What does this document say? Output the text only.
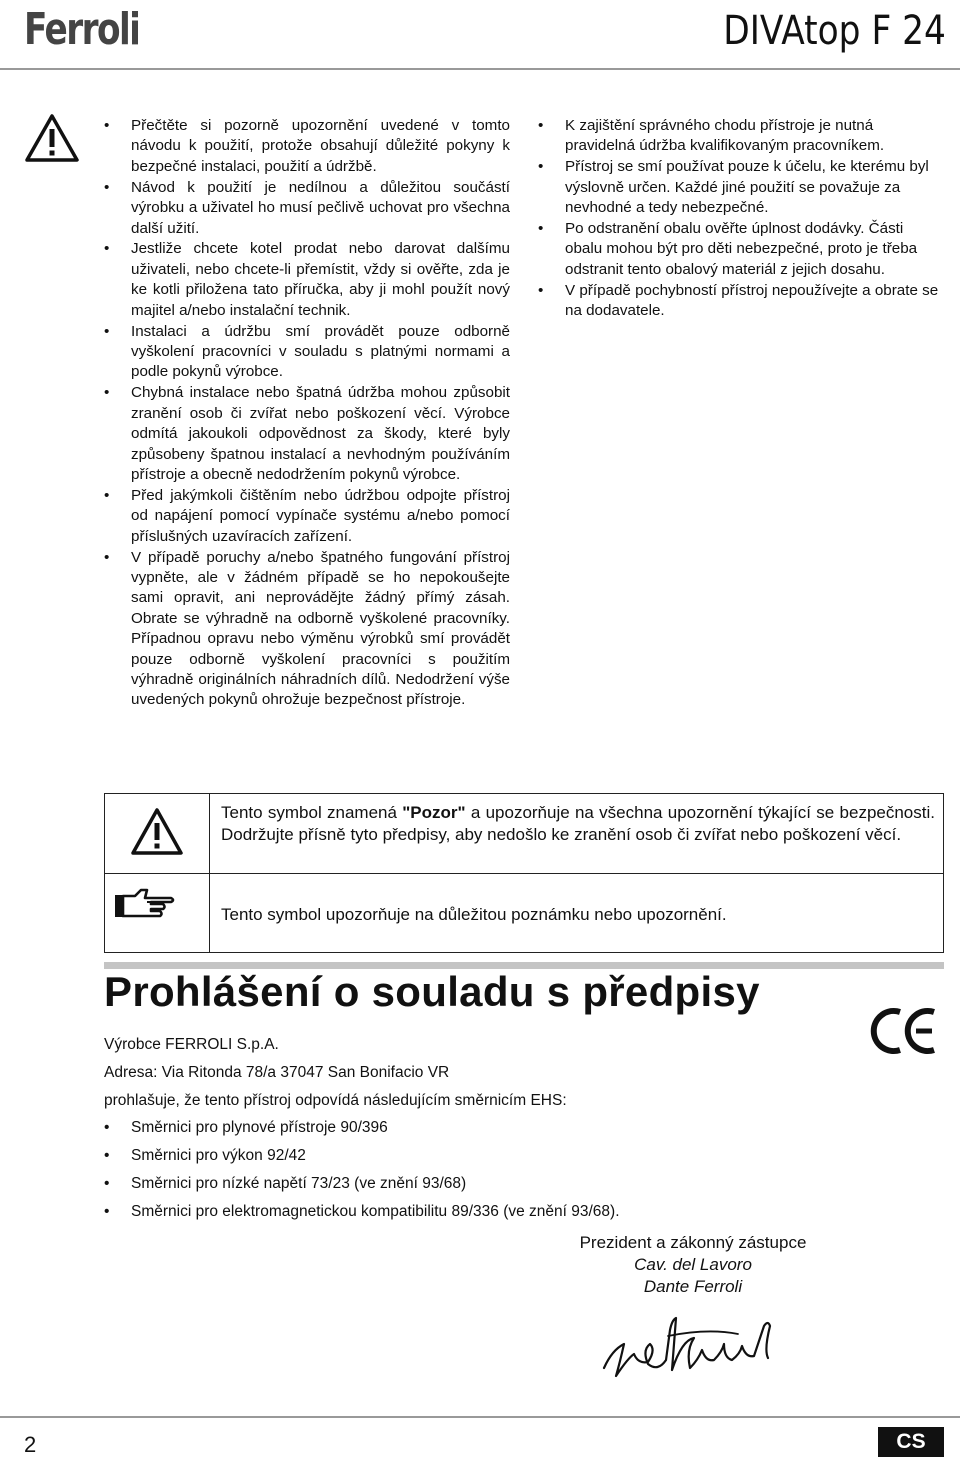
Ferroli	DIVAtop F 24
• Přečtěte si pozorně upozornění uvedené v tomto návodu k použití, protože obsahují důležité pokyny k bezpečné instalaci, použití a údržbě.
• Návod k použití je nedílnou a důležitou součástí výrobku a uživatel ho musí pečlivě uchovat pro všechna další užití.
• Jestliže chcete kotel prodat nebo darovat dalšímu uživateli, nebo chcete-li přemístit, vždy si ověřte, zda je ke kotli přiložena tato příručka, aby ji mohl použít nový majitel a/nebo instalační technik.
• Instalaci a údržbu smí provádět pouze odborně vyškolení pracovníci v souladu s platnými normami a podle pokynů výrobce.
• Chybná instalace nebo špatná údržba mohou způsobit zranění osob či zvířat nebo poškození věcí. Výrobce odmítá jakoukoli odpovědnost za škody, které byly způsobeny špatnou instalací a nevhodným používáním přístroje a obecně nedodržením pokynů výrobce.
• Před jakýmkoli čištěním nebo údržbou odpojte přístroj od napájení pomocí vypínače systému a/nebo pomocí příslušných uzavíracích zařízení.
• V případě poruchy a/nebo špatného fungování přístroj vypněte, ale v žádném případě se ho nepokoušejte sami opravit, ani neprovádějte žádný přímý zásah. Obrate se výhradně na odborně vyškolené pracovníky. Případnou opravu nebo výměnu výrobků smí provádět pouze odborně vyškolení pracovníci s použitím výhradně originálních náhradních dílů. Nedodržení výše uvedených pokynů ohrožuje bezpečnost přístroje.
• K zajištění správného chodu přístroje je nutná pravidelná údržba kvalifikovaným pracovníkem.
• Přístroj se smí používat pouze k účelu, ke kterému byl výslovně určen. Každé jiné použití se považuje za nevhodné a tedy nebezpečné.
• Po odstranění obalu ověřte úplnost dodávky. Části obalu mohou být pro děti nebezpečné, proto je třeba odstranit tento obalový materiál z jejich dosahu.
• V případě pochybností přístroj nepoužívejte a obrate se na dodavatele.
Tento symbol znamená "Pozor" a upozorňuje na všechna upozornění týkající se bezpečnosti. Dodržujte přísně tyto předpisy, aby nedošlo ke zranění osob či zvířat nebo poškození věcí.
Tento symbol upozorňuje na důležitou poznámku nebo upozornění.
Prohlášení o souladu s předpisy
Výrobce FERROLI S.p.A.
Adresa: Via Ritonda 78/a 37047 San Bonifacio VR
prohlašuje, že tento přístroj odpovídá následujícím směrnicím EHS:
• Směrnici pro plynové přístroje 90/396
• Směrnici pro výkon 92/42
• Směrnici pro nízké napětí 73/23 (ve znění 93/68)
• Směrnici pro elektromagnetickou kompatibilitu 89/336 (ve znění 93/68).
Prezident a zákonný zástupce
Cav. del Lavoro
Dante Ferroli
2	CS
